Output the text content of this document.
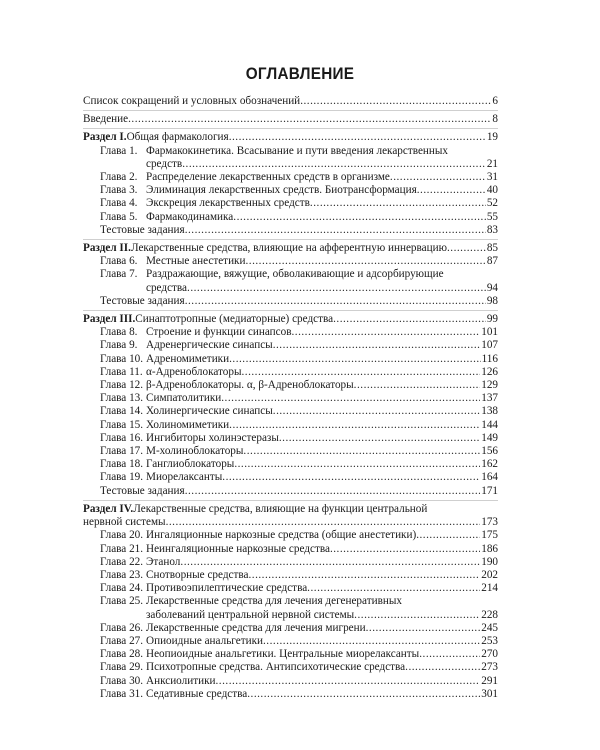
ОГЛАВЛЕНИЕ
Список сокращений и условных обозначений .....	6
Введение .....	8
Раздел I. Общая фармакология .....	19
Глава 1. Фармакокинетика. Всасывание и пути введения лекарственных
средств .....	21
Глава 2. Распределение лекарственных средств в организме .....	31
Глава 3. Элиминация лекарственных средств. Биотрансформация .....	40
Глава 4. Экскреция лекарственных средств .....	52
Глава 5. Фармакодинамика .....	55
Тестовые задания .....	83
Раздел II. Лекарственные средства, влияющие на афферентную иннервацию .....	85
Глава 6. Местные анестетики .....	87
Глава 7. Раздражающие, вяжущие, обволакивающие и адсорбирующие
средства .....	94
Тестовые задания .....	98
Раздел III. Синаптотропные (медиаторные) средства .....	99
Глава 8. Строение и функции синапсов .....	101
Глава 9. Адренергические синапсы .....	107
Глава 10. Адреномиметики .....	116
Глава 11. α-Адреноблокаторы .....	126
Глава 12. β-Адреноблокаторы. α, β-Адреноблокаторы .....	129
Глава 13. Симпатолитики .....	137
Глава 14. Холинергические синапсы .....	138
Глава 15. Холиномиметики .....	144
Глава 16. Ингибиторы холинэстеразы .....	149
Глава 17. М-холиноблокаторы .....	156
Глава 18. Ганглиоблокаторы .....	162
Глава 19. Миорелаксанты .....	164
Тестовые задания .....	171
Раздел IV. Лекарственные средства, влияющие на функции центральной
нервной системы .....	173
Глава 20. Ингаляционные наркозные средства (общие анестетики) .....	175
Глава 21. Неингаляционные наркозные средства .....	186
Глава 22. Этанол .....	190
Глава 23. Снотворные средства .....	202
Глава 24. Противоэпилептические средства .....	214
Глава 25. Лекарственные средства для лечения дегенеративных
заболеваний центральной нервной системы .....	228
Глава 26. Лекарственные средства для лечения мигрени .....	245
Глава 27. Опиоидные анальгетики .....	253
Глава 28. Неопиоидные анальгетики. Центральные миорелаксанты .....	270
Глава 29. Психотропные средства. Антипсихотические средства .....	273
Глава 30. Анксиолитики .....	291
Глава 31. Седативные средства .....	301
